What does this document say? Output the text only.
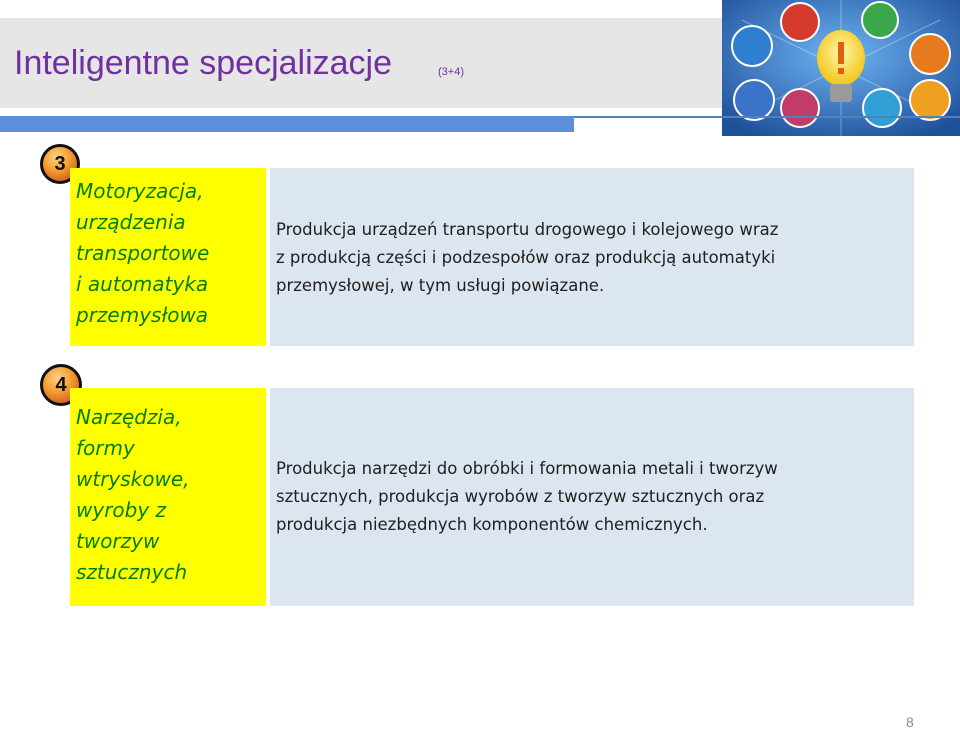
Inteligentne specjalizacje	(3+4)
3
Motoryzacja,
urządzenia
transportowe
i automatyka
przemysłowa
Produkcja urządzeń transportu drogowego i kolejowego wraz
z produkcją części i podzespołów oraz produkcją automatyki
przemysłowej, w tym usługi powiązane.
4
Narzędzia,
formy
wtryskowe,
wyroby z
tworzyw
sztucznych
Produkcja narzędzi do obróbki i formowania metali i tworzyw
sztucznych, produkcja wyrobów z tworzyw sztucznych oraz
produkcja niezbędnych komponentów chemicznych.
8
